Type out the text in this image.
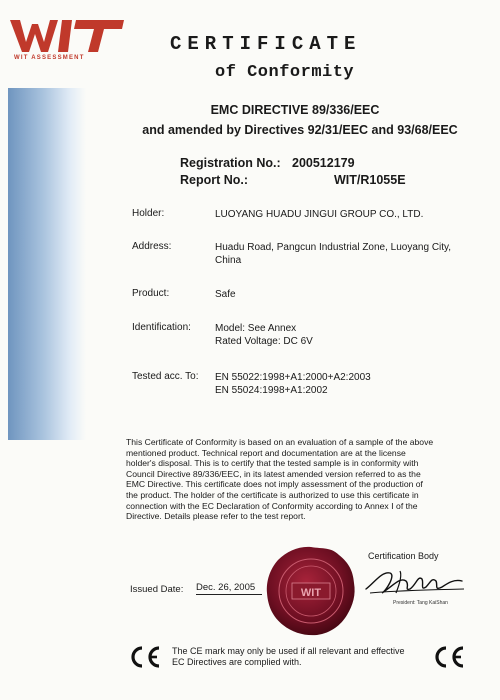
WIT ASSESSMENT
CERTIFICATE
of Conformity
EMC DIRECTIVE 89/336/EEC
and amended by Directives 92/31/EEC and 93/68/EEC
Registration No.: 200512179
Report No.:	WIT/R1055E
Holder:	LUOYANG HUADU JINGUI GROUP CO., LTD.
Address:	Huadu Road, Pangcun Industrial Zone, Luoyang City,
China
Product:	Safe
Identification:	Model: See Annex
Rated Voltage: DC 6V
Tested acc. To:	EN 55022:1998+A1:2000+A2:2003
EN 55024:1998+A1:2002
This Certificate of Conformity is based on an evaluation of a sample of the above
mentioned product. Technical report and documentation are at the license
holder's disposal. This is to certify that the tested sample is in conformity with
Council Directive 89/336/EEC, in its latest amended version referred to as the
EMC Directive. This certificate does not imply assessment of the production of
the product. The holder of the certificate is authorized to use this certificate in
connection with the EC Declaration of Conformity according to Annex Ⅰ of the
Directive. Details please refer to the test report.
WIT
Certification Body
President: Tang KaiShan
Issued Date: Dec. 26, 2005
The CE mark may only be used if all relevant and effective
EC Directives are complied with.
